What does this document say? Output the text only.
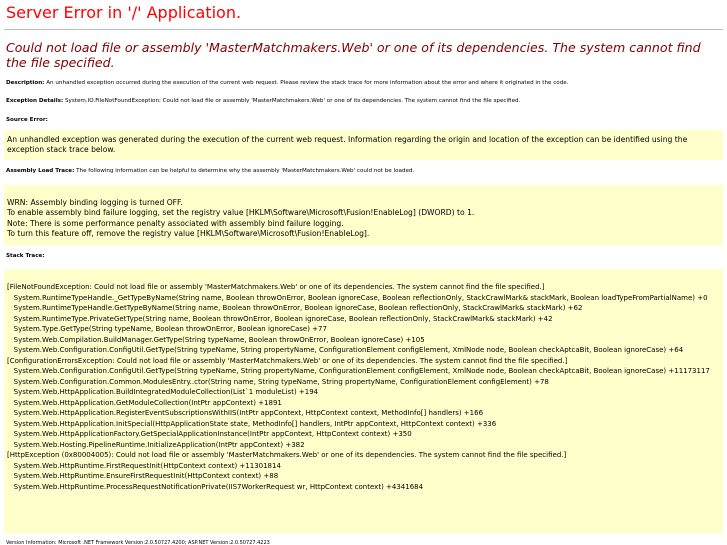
Server Error in '/' Application.
Could not load file or assembly 'MasterMatchmakers.Web' or one of its dependencies. The system cannot find the file specified.
Description: An unhandled exception occurred during the execution of the current web request. Please review the stack trace for more information about the error and where it originated in the code.
Exception Details: System.IO.FileNotFoundException: Could not load file or assembly 'MasterMatchmakers.Web' or one of its dependencies. The system cannot find the file specified.
Source Error:
An unhandled exception was generated during the execution of the current web request. Information regarding the origin and location of the exception can be identified using the
exception stack trace below.
Assembly Load Trace: The following information can be helpful to determine why the assembly 'MasterMatchmakers.Web' could not be loaded.
WRN: Assembly binding logging is turned OFF.
To enable assembly bind failure logging, set the registry value [HKLM\Software\Microsoft\Fusion!EnableLog] (DWORD) to 1.
Note: There is some performance penalty associated with assembly bind failure logging.
To turn this feature off, remove the registry value [HKLM\Software\Microsoft\Fusion!EnableLog].
Stack Trace:
[FileNotFoundException: Could not load file or assembly 'MasterMatchmakers.Web' or one of its dependencies. The system cannot find the file specified.]
System.RuntimeTypeHandle._GetTypeByName(String name, Boolean throwOnError, Boolean ignoreCase, Boolean reflectionOnly, StackCrawlMark& stackMark, Boolean loadTypeFromPartialName) +0
System.RuntimeTypeHandle.GetTypeByName(String name, Boolean throwOnError, Boolean ignoreCase, Boolean reflectionOnly, StackCrawlMark& stackMark) +62
System.RuntimeType.PrivateGetType(String name, Boolean throwOnError, Boolean ignoreCase, Boolean reflectionOnly, StackCrawlMark& stackMark) +42
System.Type.GetType(String typeName, Boolean throwOnError, Boolean ignoreCase) +77
System.Web.Compilation.BuildManager.GetType(String typeName, Boolean throwOnError, Boolean ignoreCase) +105
System.Web.Configuration.ConfigUtil.GetType(String typeName, String propertyName, ConfigurationElement configElement, XmlNode node, Boolean checkAptcaBit, Boolean ignoreCase) +64
[ConfigurationErrorsException: Could not load file or assembly 'MasterMatchmakers.Web' or one of its dependencies. The system cannot find the file specified.]
System.Web.Configuration.ConfigUtil.GetType(String typeName, String propertyName, ConfigurationElement configElement, XmlNode node, Boolean checkAptcaBit, Boolean ignoreCase) +11173117
System.Web.Configuration.Common.ModulesEntry..ctor(String name, String typeName, String propertyName, ConfigurationElement configElement) +78
System.Web.HttpApplication.BuildIntegratedModuleCollection(List`1 moduleList) +194
System.Web.HttpApplication.GetModuleCollection(IntPtr appContext) +1891
System.Web.HttpApplication.RegisterEventSubscriptionsWithIIS(IntPtr appContext, HttpContext context, MethodInfo[] handlers) +166
System.Web.HttpApplication.InitSpecial(HttpApplicationState state, MethodInfo[] handlers, IntPtr appContext, HttpContext context) +336
System.Web.HttpApplicationFactory.GetSpecialApplicationInstance(IntPtr appContext, HttpContext context) +350
System.Web.Hosting.PipelineRuntime.InitializeApplication(IntPtr appContext) +382
[HttpException (0x80004005): Could not load file or assembly 'MasterMatchmakers.Web' or one of its dependencies. The system cannot find the file specified.]
System.Web.HttpRuntime.FirstRequestInit(HttpContext context) +11301814
System.Web.HttpRuntime.EnsureFirstRequestInit(HttpContext context) +88
System.Web.HttpRuntime.ProcessRequestNotificationPrivate(IIS7WorkerRequest wr, HttpContext context) +4341684
Version Information: Microsoft .NET Framework Version:2.0.50727.4200; ASP.NET Version:2.0.50727.4223
